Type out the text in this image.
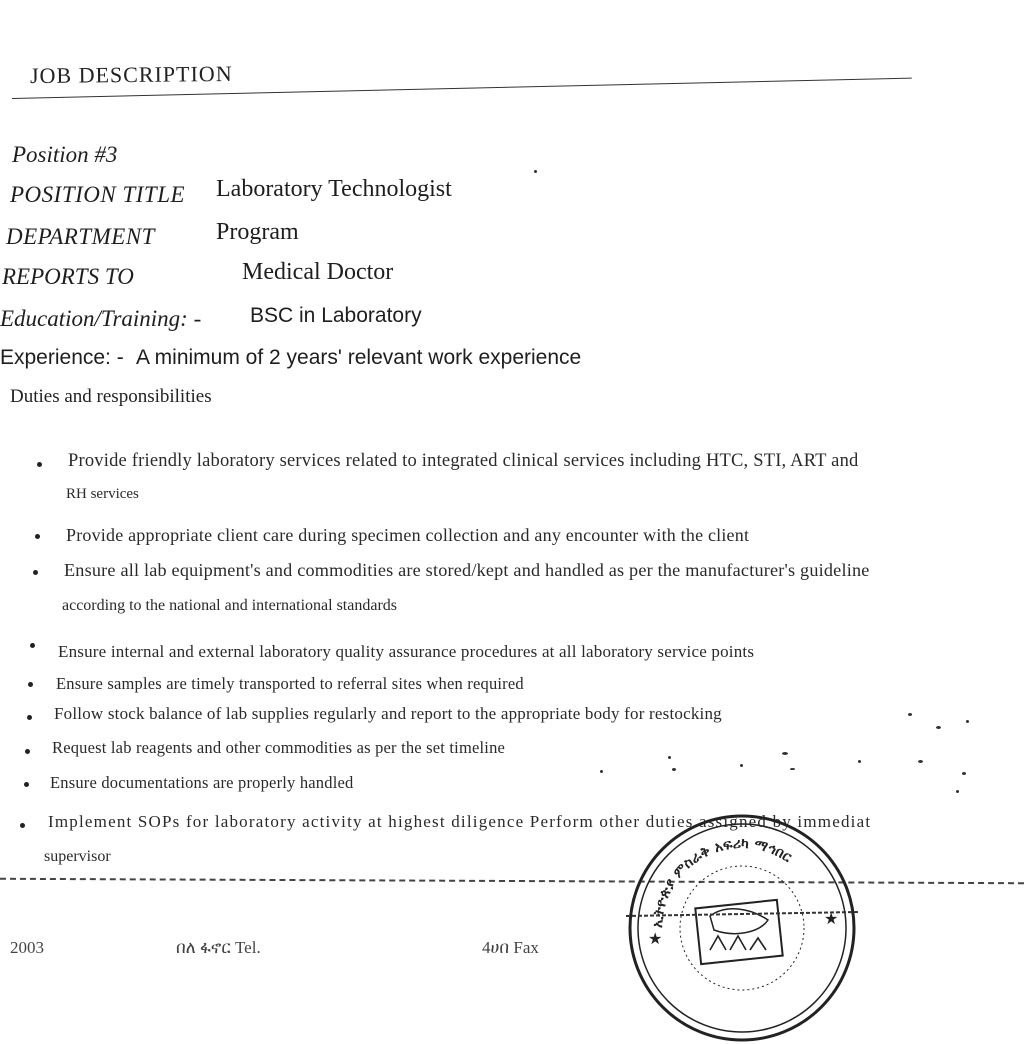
JOB DESCRIPTION
Position #3
POSITION TITLE Laboratory Technologist
DEPARTMENT	Program
REPORTS TO	Medical Doctor
Education/Training: - BSC in Laboratory
Experience: - A minimum of 2 years' relevant work experience
Duties and responsibilities
Provide friendly laboratory services related to integrated clinical services including HTC, STI, ART and
RH services
Provide appropriate client care during specimen collection and any encounter with the client
Ensure all lab equipment's and commodities are stored/kept and handled as per the manufacturer's guideline
according to the national and international standards
Ensure internal and external laboratory quality assurance procedures at all laboratory service points
Ensure samples are timely transported to referral sites when required
Follow stock balance of lab supplies regularly and report to the appropriate body for restocking
Request lab reagents and other commodities as per the set timeline
Ensure documentations are properly handled
Implement SOPs for laboratory activity at highest diligence Perform other duties assigned by immediat
supervisor
2003	በለ ፋኖር Tel.	4ሀበ Fax
ኢትዮጵያ ምስራቅ አፍሪካ ማኅበር
★
★
